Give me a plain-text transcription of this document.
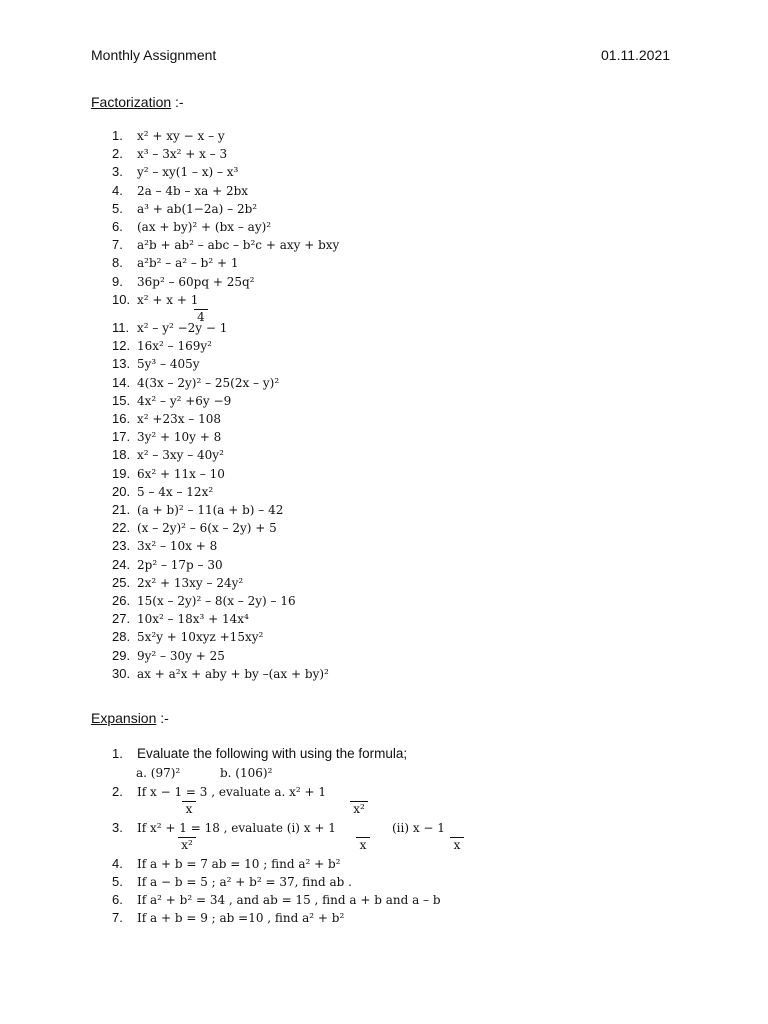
Monthly Assignment	01.11.2021
Factorization :-
1.	x² + xy − x – y
2.	x³ – 3x² + x – 3
3.	y² – xy(1 – x) – x³
4.	2a – 4b – xa + 2bx
5.	a³ + ab(1−2a) – 2b²
6.	(ax + by)² + (bx – ay)²
7.	a²b + ab² – abc – b²c + axy + bxy
8.	a²b² – a² – b² + 1
9.	36p² – 60pq + 25q²
10. x² + x + 1
4
11. x² – y² −2y − 1
12. 16x² – 169y²
13. 5y³ – 405y
14. 4(3x – 2y)² – 25(2x – y)²
15. 4x² – y² +6y −9
16. x² +23x – 108
17. 3y² + 10y + 8
18. x² – 3xy – 40y²
19. 6x² + 11x – 10
20. 5 – 4x – 12x²
21. (a + b)² – 11(a + b) – 42
22. (x – 2y)² – 6(x – 2y) + 5
23. 3x² – 10x + 8
24. 2p² – 17p – 30
25. 2x² + 13xy – 24y²
26. 15(x – 2y)² – 8(x – 2y) – 16
27. 10x² – 18x³ + 14x⁴
28. 5x²y + 10xyz +15xy²
29. 9y² – 30y + 25
30. ax + a²x + aby + by –(ax + by)²
Expansion :-
1.	Evaluate the following with using the formula;
a. (97)²	b. (106)²
2.	If x − 1 = 3 , evaluate a. x² + 1
x	x²
3.	If x² + 1 = 18 , evaluate (i) x + 1	(ii) x − 1
x²	x	x
4.	If a + b = 7 ab = 10 ; find a² + b²
5.	If a − b = 5 ; a² + b² = 37, find ab .
6.	If a² + b² = 34 , and ab = 15 , find a + b and a – b
7.	If a + b = 9 ; ab =10 , find a² + b²
